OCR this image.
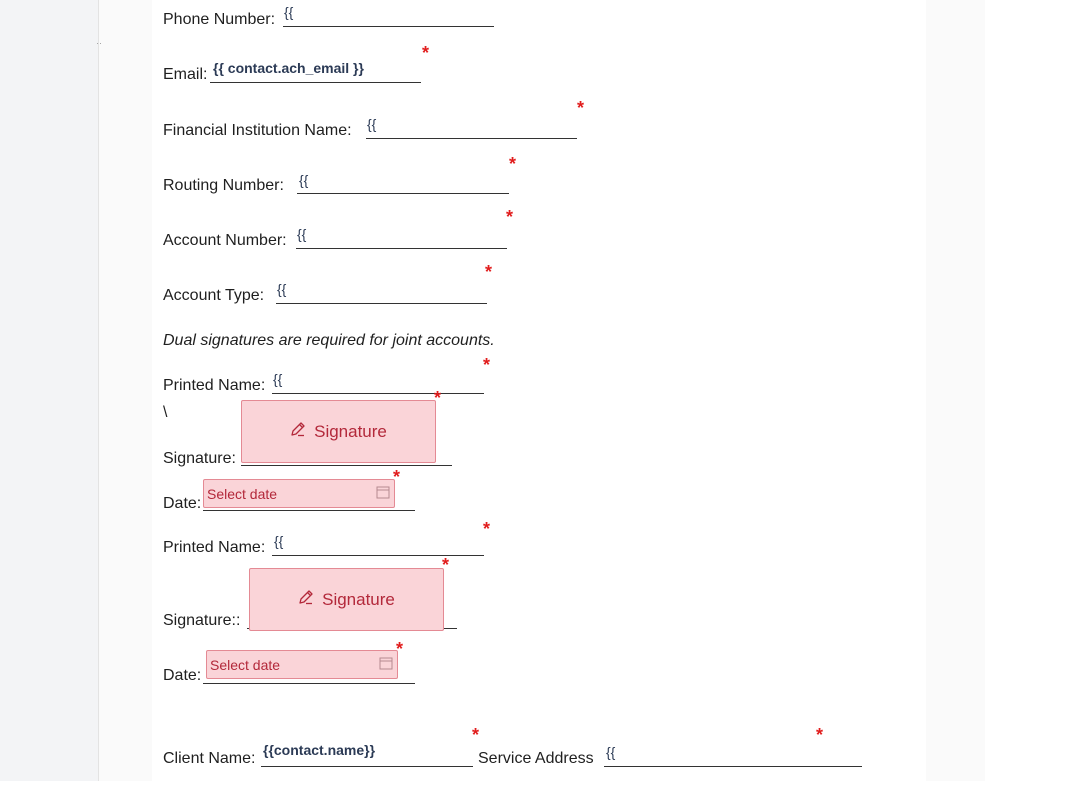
··
Phone Number: {{
*
Email: {{ contact.ach_email }}
*
Financial Institution Name: {{
*
Routing Number: {{
*
Account Number: {{
*
Account Type: {{
Dual signatures are required for joint accounts.
*
Printed Name: {{
\
Signature:
Signature
*
Date:
Select date
*
*
Printed Name: {{
Signature::
Signature
*
Date:
Select date
*
*
Client Name: {{contact.name}}
*
Service Address {{
